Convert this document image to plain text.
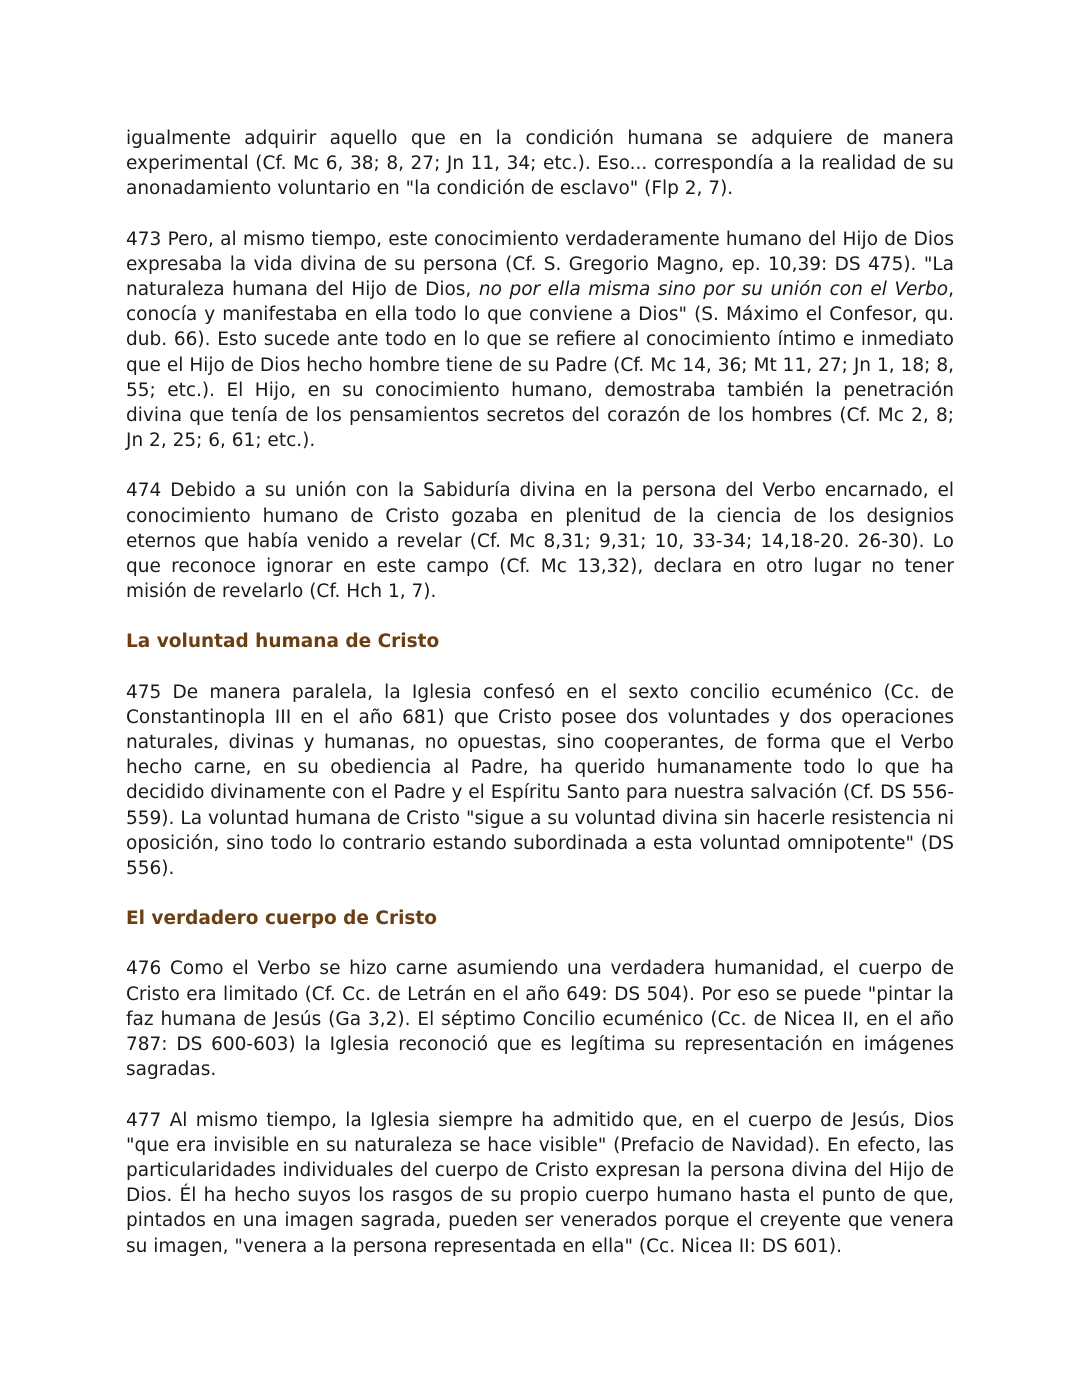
igualmente adquirir aquello que en la condición humana se adquiere de manera experimental (Cf. Mc 6, 38; 8, 27; Jn 11, 34; etc.). Eso... correspondía a la realidad de su anonadamiento voluntario en "la condición de esclavo" (Flp 2, 7).

473 Pero, al mismo tiempo, este conocimiento verdaderamente humano del Hijo de Dios expresaba la vida divina de su persona (Cf. S. Gregorio Magno, ep. 10,39: DS 475). "La naturaleza humana del Hijo de Dios, no por ella misma sino por su unión con el Verbo, conocía y manifestaba en ella todo lo que conviene a Dios" (S. Máximo el Confesor, qu. dub. 66). Esto sucede ante todo en lo que se refiere al conocimiento íntimo e inmediato que el Hijo de Dios hecho hombre tiene de su Padre (Cf. Mc 14, 36; Mt 11, 27; Jn 1, 18; 8, 55; etc.). El Hijo, en su conocimiento humano, demostraba también la penetración divina que tenía de los pensamientos secretos del corazón de los hombres (Cf. Mc 2, 8; Jn 2, 25; 6, 61; etc.).

474 Debido a su unión con la Sabiduría divina en la persona del Verbo encarnado, el conocimiento humano de Cristo gozaba en plenitud de la ciencia de los designios eternos que había venido a revelar (Cf. Mc 8,31; 9,31; 10, 33-34; 14,18-20. 26-30). Lo que reconoce ignorar en este campo (Cf. Mc 13,32), declara en otro lugar no tener misión de revelarlo (Cf. Hch 1, 7).

La voluntad humana de Cristo

475 De manera paralela, la Iglesia confesó en el sexto concilio ecuménico (Cc. de Constantinopla III en el año 681) que Cristo posee dos voluntades y dos operaciones naturales, divinas y humanas, no opuestas, sino cooperantes, de forma que el Verbo hecho carne, en su obediencia al Padre, ha querido humanamente todo lo que ha decidido divinamente con el Padre y el Espíritu Santo para nuestra salvación (Cf. DS 556-559). La voluntad humana de Cristo "sigue a su voluntad divina sin hacerle resistencia ni oposición, sino todo lo contrario estando subordinada a esta voluntad omnipotente" (DS 556).

El verdadero cuerpo de Cristo

476 Como el Verbo se hizo carne asumiendo una verdadera humanidad, el cuerpo de Cristo era limitado (Cf. Cc. de Letrán en el año 649: DS 504). Por eso se puede "pintar la faz humana de Jesús (Ga 3,2). El séptimo Concilio ecuménico (Cc. de Nicea II, en el año 787: DS 600-603) la Iglesia reconoció que es legítima su representación en imágenes sagradas.

477 Al mismo tiempo, la Iglesia siempre ha admitido que, en el cuerpo de Jesús, Dios "que era invisible en su naturaleza se hace visible" (Prefacio de Navidad). En efecto, las particularidades individuales del cuerpo de Cristo expresan la persona divina del Hijo de Dios. Él ha hecho suyos los rasgos de su propio cuerpo humano hasta el punto de que, pintados en una imagen sagrada, pueden ser venerados porque el creyente que venera su imagen, "venera a la persona representada en ella" (Cc. Nicea II: DS 601).
